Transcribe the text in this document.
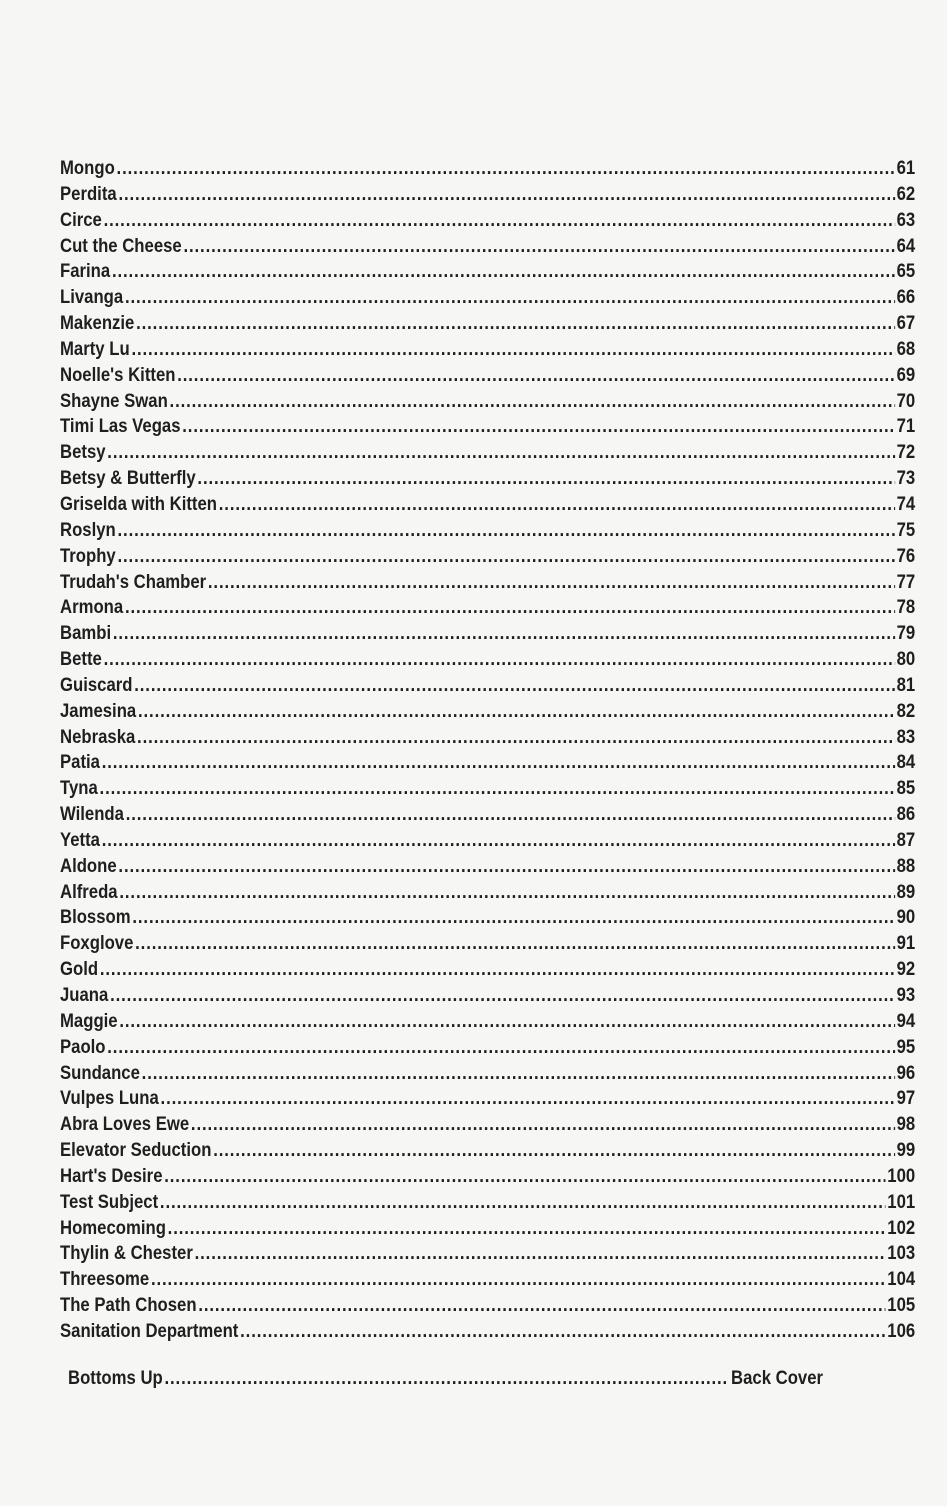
Mongo .....	61
Perdita .....	62
Circe .....	63
Cut the Cheese .....	64
Farina .....	65
Livanga .....	66
Makenzie .....	67
Marty Lu .....	68
Noelle's Kitten .....	69
Shayne Swan .....	70
Timi Las Vegas .....	71
Betsy .....	72
Betsy & Butterfly .....	73
Griselda with Kitten .....	74
Roslyn .....	75
Trophy .....	76
Trudah's Chamber .....	77
Armona .....	78
Bambi .....	79
Bette .....	80
Guiscard .....	81
Jamesina .....	82
Nebraska .....	83
Patia .....	84
Tyna .....	85
Wilenda .....	86
Yetta .....	87
Aldone .....	88
Alfreda .....	89
Blossom .....	90
Foxglove .....	91
Gold .....	92
Juana .....	93
Maggie .....	94
Paolo .....	95
Sundance .....	96
Vulpes Luna .....	97
Abra Loves Ewe .....	98
Elevator Seduction .....	99
Hart's Desire .....	100
Test Subject .....	101
Homecoming .....	102
Thylin & Chester .....	103
Threesome .....	104
The Path Chosen .....	105
Sanitation Department .....	106
Bottoms Up .....	Back Cover
